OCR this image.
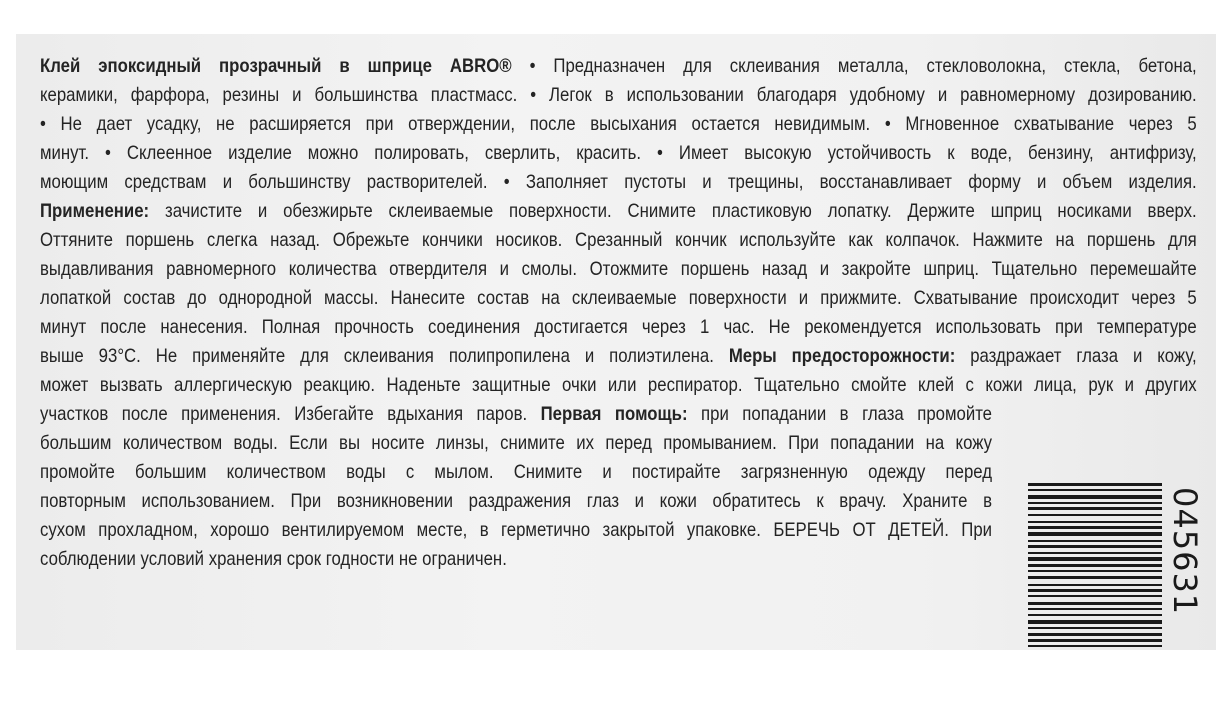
Клей эпоксидный прозрачный в шприце ABRO® • Предназначен для склеивания металла, стекловолокна, стекла, бетона,
керамики, фарфора, резины и большинства пластмасс. • Легок в использовании благодаря удобному и равномерному дозированию.
• Не дает усадку, не расширяется при отверждении, после высыхания остается невидимым. • Мгновенное схватывание через 5
минут. • Склеенное изделие можно полировать, сверлить, красить. • Имеет высокую устойчивость к воде, бензину, антифризу,
моющим средствам и большинству растворителей. • Заполняет пустоты и трещины, восстанавливает форму и объем изделия.
Применение: зачистите и обезжирьте склеиваемые поверхности. Снимите пластиковую лопатку. Держите шприц носиками вверх.
Оттяните поршень слегка назад. Обрежьте кончики носиков. Срезанный кончик используйте как колпачок. Нажмите на поршень для
выдавливания равномерного количества отвердителя и смолы. Отожмите поршень назад и закройте шприц. Тщательно перемешайте
лопаткой состав до однородной массы. Нанесите состав на склеиваемые поверхности и прижмите. Схватывание происходит через 5
минут после нанесения. Полная прочность соединения достигается через 1 час. Не рекомендуется использовать при температуре
выше 93°С. Не применяйте для склеивания полипропилена и полиэтилена. Меры предосторожности: раздражает глаза и кожу,
может вызвать аллергическую реакцию. Наденьте защитные очки или респиратор. Тщательно смойте клей с кожи лица, рук и других
участков после применения. Избегайте вдыхания паров. Первая помощь: при попадании в глаза промойте
большим количеством воды. Если вы носите линзы, снимите их перед промыванием. При попадании на кожу
промойте большим количеством воды с мылом. Снимите и постирайте загрязненную одежду перед
повторным использованием. При возникновении раздражения глаз и кожи обратитесь к врачу. Храните в
сухом прохладном, хорошо вентилируемом месте, в герметично закрытой упаковке. БЕРЕЧЬ ОТ ДЕТЕЙ. При
соблюдении условий хранения срок годности не ограничен.	045631
